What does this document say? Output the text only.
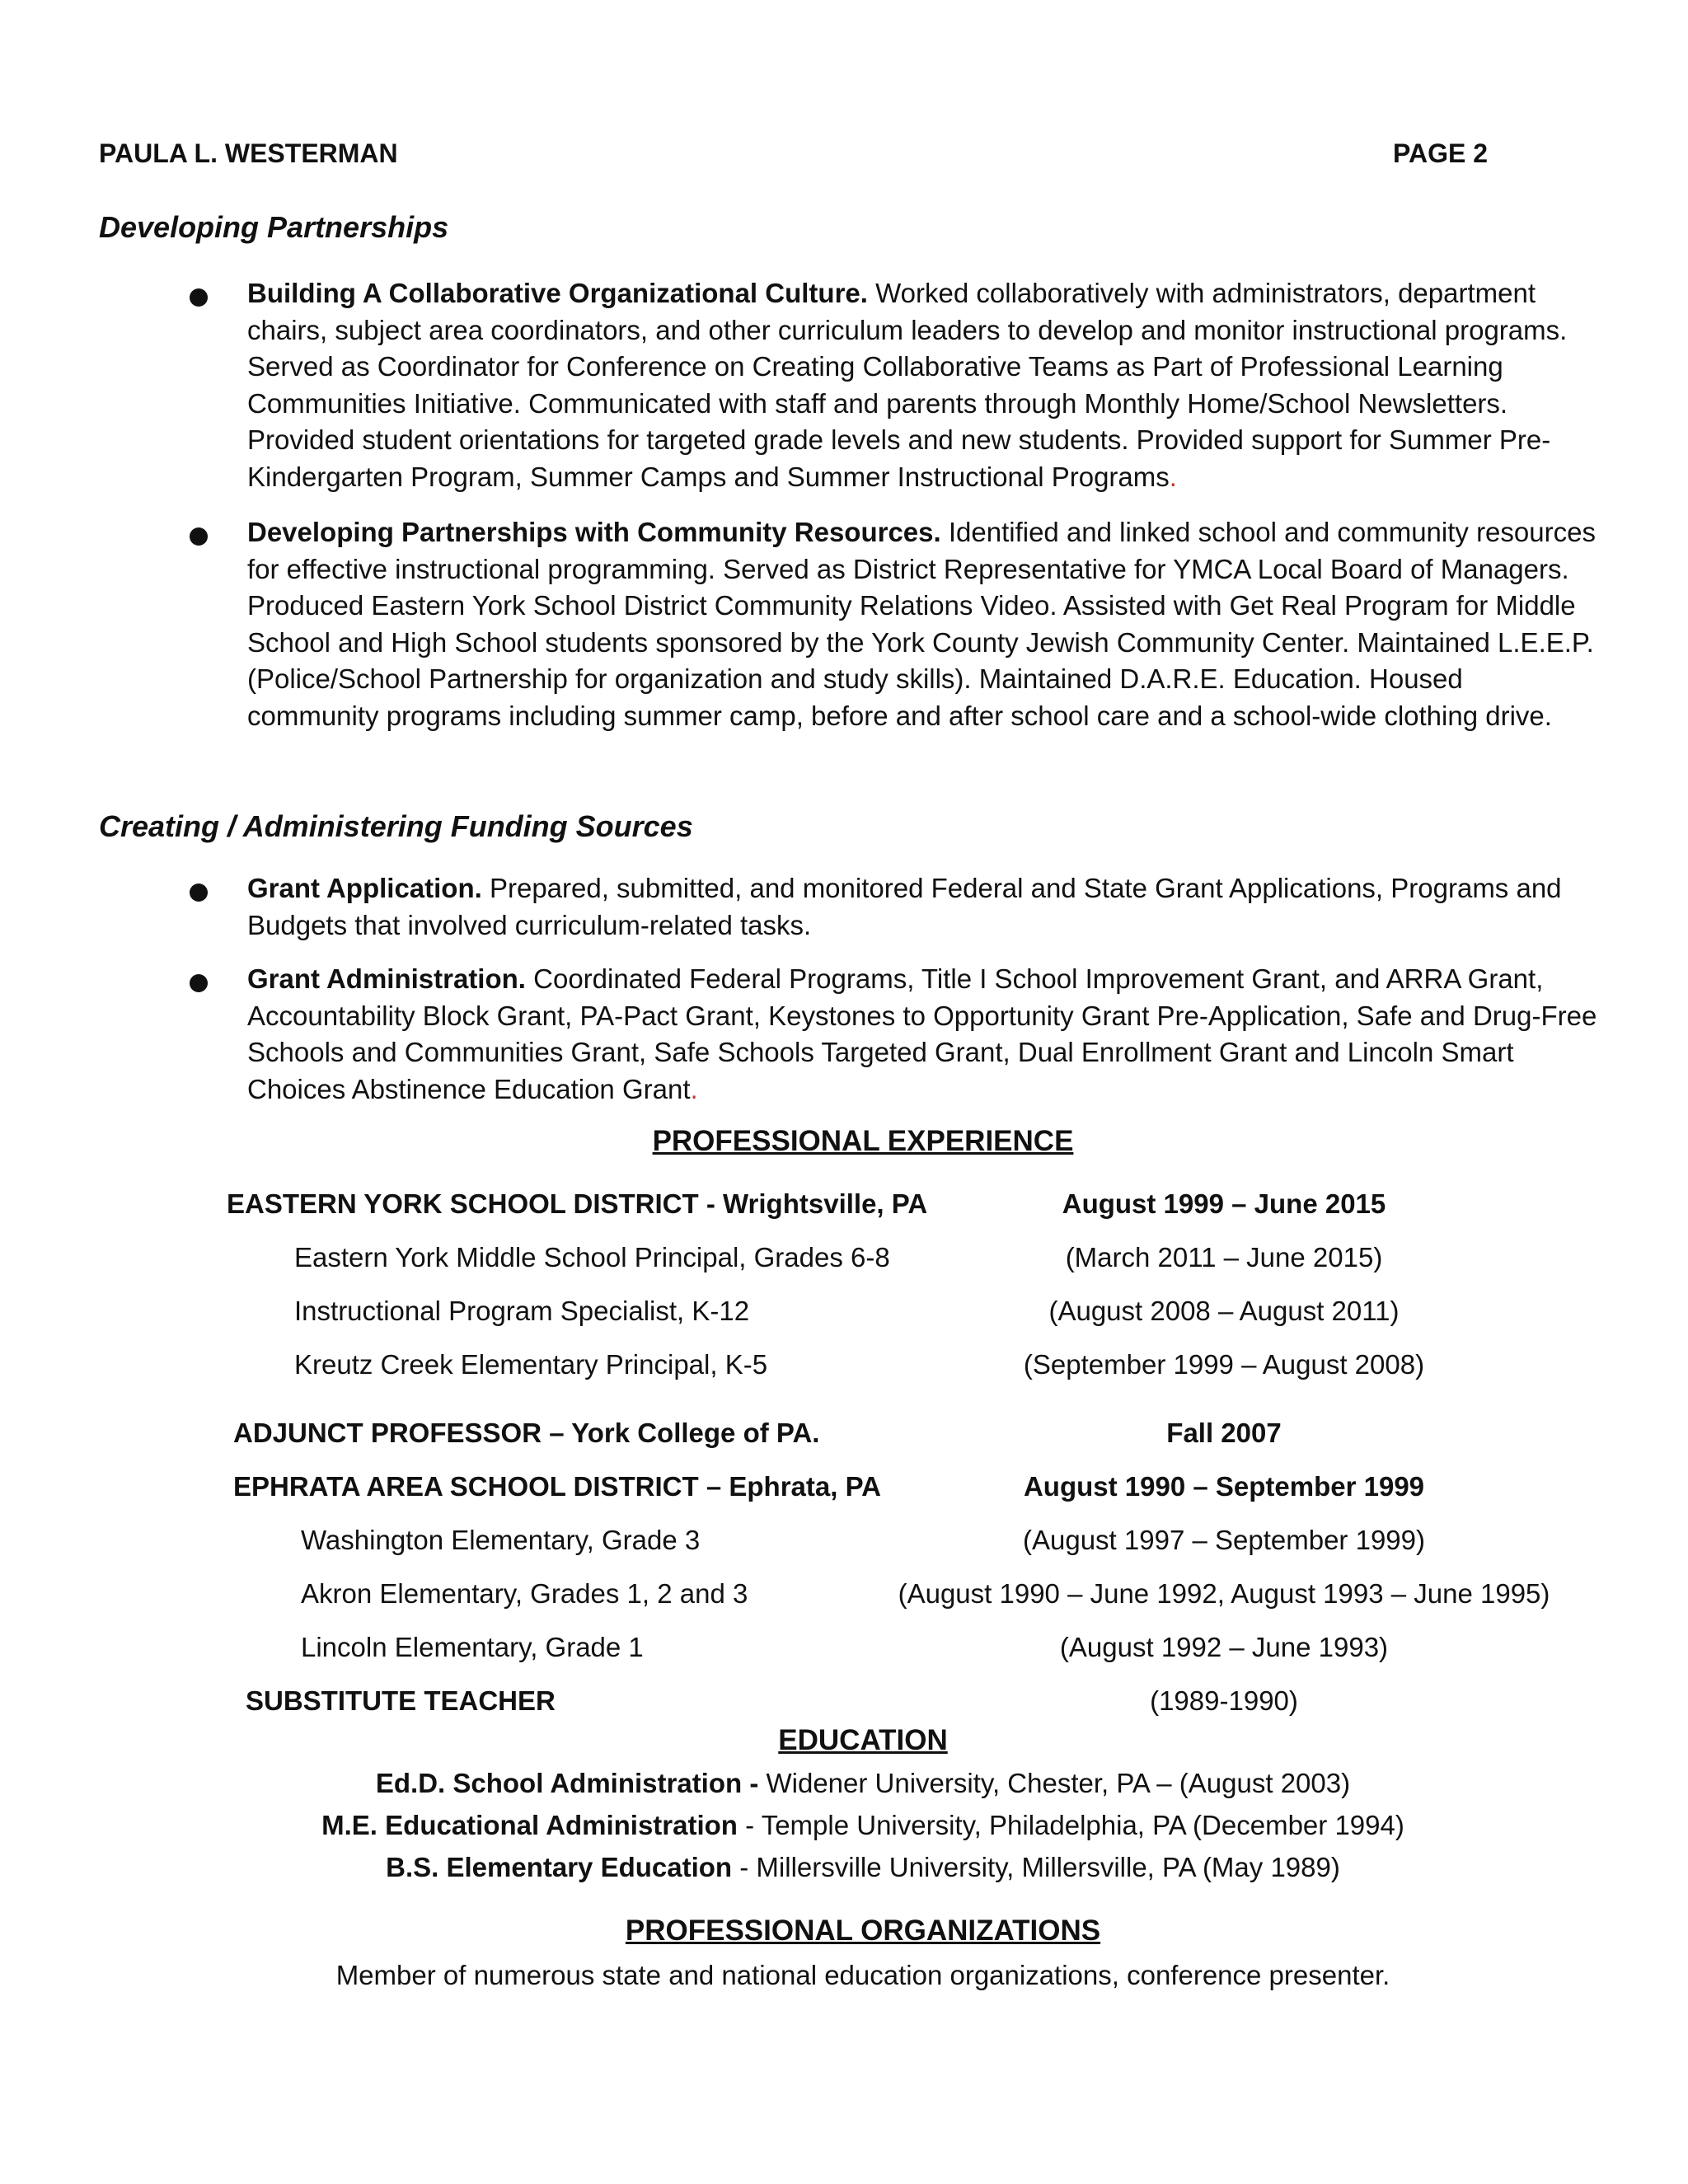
PAULA L. WESTERMAN	PAGE 2
Developing Partnerships
Building A Collaborative Organizational Culture. Worked collaboratively with administrators, department chairs, subject area coordinators, and other curriculum leaders to develop and monitor instructional programs. Served as Coordinator for Conference on Creating Collaborative Teams as Part of Professional Learning Communities Initiative. Communicated with staff and parents through Monthly Home/School Newsletters. Provided student orientations for targeted grade levels and new students. Provided support for Summer Pre-Kindergarten Program, Summer Camps and Summer Instructional Programs.
Developing Partnerships with Community Resources. Identified and linked school and community resources for effective instructional programming. Served as District Representative for YMCA Local Board of Managers. Produced Eastern York School District Community Relations Video. Assisted with Get Real Program for Middle School and High School students sponsored by the York County Jewish Community Center. Maintained L.E.E.P. (Police/School Partnership for organization and study skills). Maintained D.A.R.E. Education. Housed community programs including summer camp, before and after school care and a school-wide clothing drive.
Creating / Administering Funding Sources
Grant Application. Prepared, submitted, and monitored Federal and State Grant Applications, Programs and Budgets that involved curriculum-related tasks.
Grant Administration. Coordinated Federal Programs, Title I School Improvement Grant, and ARRA Grant, Accountability Block Grant, PA-Pact Grant, Keystones to Opportunity Grant Pre-Application, Safe and Drug-Free Schools and Communities Grant, Safe Schools Targeted Grant, Dual Enrollment Grant and Lincoln Smart Choices Abstinence Education Grant.
PROFESSIONAL EXPERIENCE
EASTERN YORK SCHOOL DISTRICT - Wrightsville, PA	August 1999 – June 2015
Eastern York Middle School Principal, Grades 6-8	(March 2011 – June 2015)
Instructional Program Specialist, K-12	(August 2008 – August 2011)
Kreutz Creek Elementary Principal, K-5	(September 1999 – August 2008)
ADJUNCT PROFESSOR – York College of PA.	Fall 2007
EPHRATA AREA SCHOOL DISTRICT – Ephrata, PA	August 1990 – September 1999
Washington Elementary, Grade 3	(August 1997 – September 1999)
Akron Elementary, Grades 1, 2 and 3	(August 1990 – June 1992, August 1993 – June 1995)
Lincoln Elementary, Grade 1	(August 1992 – June 1993)
SUBSTITUTE TEACHER	(1989-1990)
EDUCATION
Ed.D. School Administration - Widener University, Chester, PA – (August 2003)
M.E. Educational Administration - Temple University, Philadelphia, PA (December 1994)
B.S. Elementary Education - Millersville University, Millersville, PA (May 1989)
PROFESSIONAL ORGANIZATIONS
Member of numerous state and national education organizations, conference presenter.
